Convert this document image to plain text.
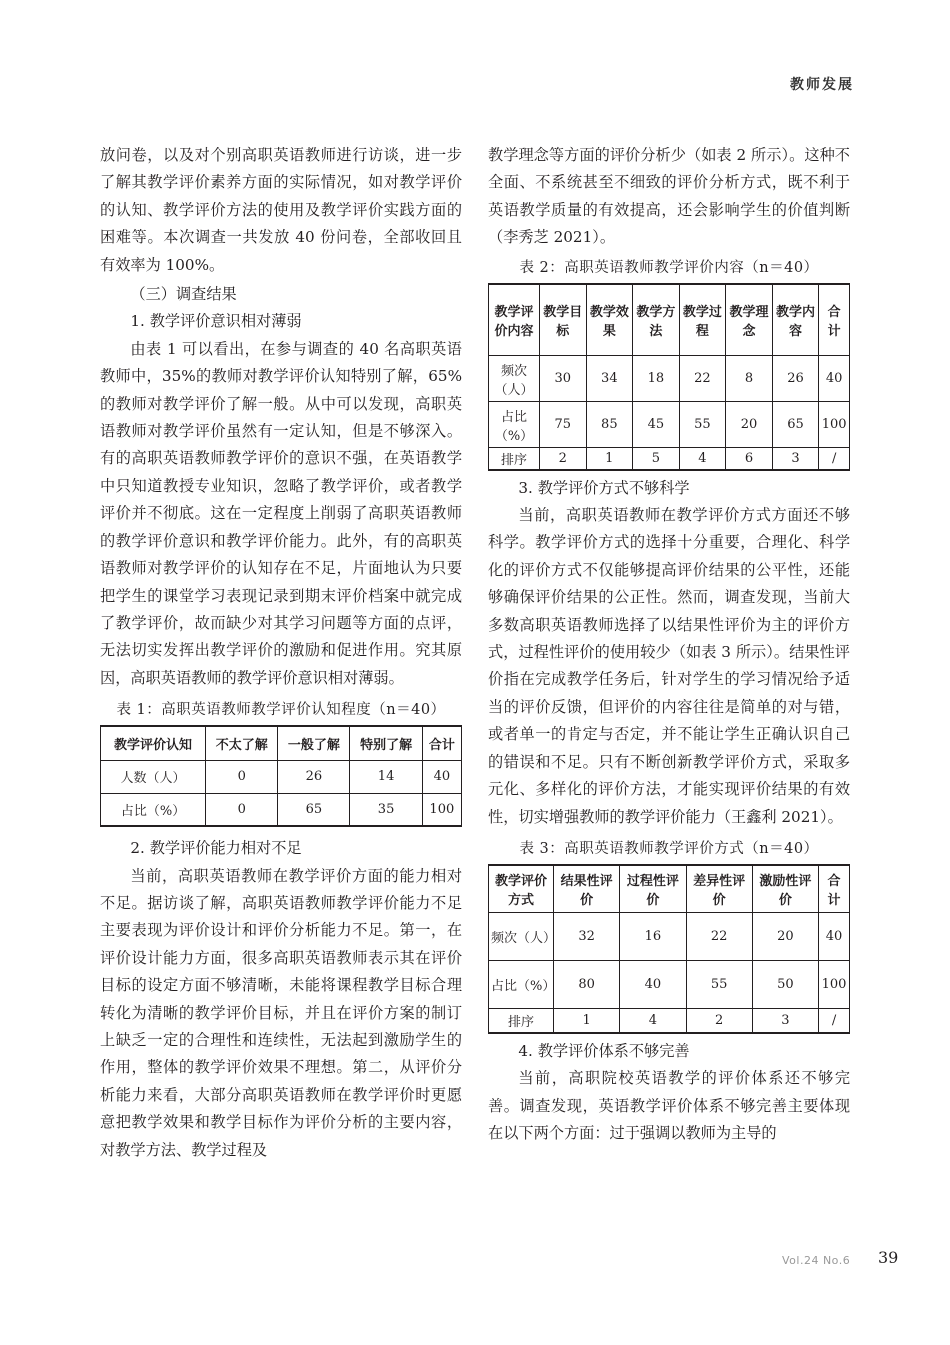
教师发展

放问卷，以及对个别高职英语教师进行访谈，进一步了解其教学评价素养方面的实际情况，如对教学评价的认知、教学评价方法的使用及教学评价实践方面的困难等。本次调查一共发放 40 份问卷，全部收回且有效率为 100%。

（三）调查结果

1. 教学评价意识相对薄弱

由表 1 可以看出，在参与调查的 40 名高职英语教师中，35%的教师对教学评价认知特别了解，65%的教师对教学评价了解一般。从中可以发现，高职英语教师对教学评价虽然有一定认知，但是不够深入。有的高职英语教师教学评价的意识不强，在英语教学中只知道教授专业知识，忽略了教学评价，或者教学评价并不彻底。这在一定程度上削弱了高职英语教师的教学评价意识和教学评价能力。此外，有的高职英语教师对教学评价的认知存在不足，片面地认为只要把学生的课堂学习表现记录到期末评价档案中就完成了教学评价，故而缺少对其学习问题等方面的点评，无法切实发挥出教学评价的激励和促进作用。究其原因，高职英语教师的教学评价意识相对薄弱。

表 1：高职英语教师教学评价认知程度（n＝40）
教学评价认知	不太了解	一般了解	特别了解	合计
人数（人）	0	26	14	40
占比（%）	0	65	35	100

2. 教学评价能力相对不足

当前，高职英语教师在教学评价方面的能力相对不足。据访谈了解，高职英语教师教学评价能力不足主要表现为评价设计和评价分析能力不足。第一，在评价设计能力方面，很多高职英语教师表示其在评价目标的设定方面不够清晰，未能将课程教学目标合理转化为清晰的教学评价目标，并且在评价方案的制订上缺乏一定的合理性和连续性，无法起到激励学生的作用，整体的教学评价效果不理想。第二，从评价分析能力来看，大部分高职英语教师在教学评价时更愿意把教学效果和教学目标作为评价分析的主要内容，对教学方法、教学过程及

教学理念等方面的评价分析少（如表 2 所示）。这种不全面、不系统甚至不细致的评价分析方式，既不利于英语教学质量的有效提高，还会影响学生的价值判断（李秀芝 2021）。

表 2：高职英语教师教学评价内容（n＝40）
教学评价内容	教学目标	教学效果	教学方法	教学过程	教学理念	教学内容	合计
频次（人）	30	34	18	22	8	26	40
占比（%）	75	85	45	55	20	65	100
排序	2	1	5	4	6	3	/

3. 教学评价方式不够科学

当前，高职英语教师在教学评价方式方面还不够科学。教学评价方式的选择十分重要，合理化、科学化的评价方式不仅能够提高评价结果的公平性，还能够确保评价结果的公正性。然而，调查发现，当前大多数高职英语教师选择了以结果性评价为主的评价方式，过程性评价的使用较少（如表 3 所示）。结果性评价指在完成教学任务后，针对学生的学习情况给予适当的评价反馈，但评价的内容往往是简单的对与错，或者单一的肯定与否定，并不能让学生正确认识自己的错误和不足。只有不断创新教学评价方式，采取多元化、多样化的评价方法，才能实现评价结果的有效性，切实增强教师的教学评价能力（王鑫利 2021）。

表 3：高职英语教师教学评价方式（n＝40）
教学评价方式	结果性评价	过程性评价	差异性评价	激励性评价	合计
频次（人）	32	16	22	20	40
占比（%）	80	40	55	50	100
排序	1	4	2	3	/

4. 教学评价体系不够完善

当前，高职院校英语教学的评价体系还不够完善。调查发现，英语教学评价体系不够完善主要体现在以下两个方面：过于强调以教师为主导的

Vol.24 No.6 39
